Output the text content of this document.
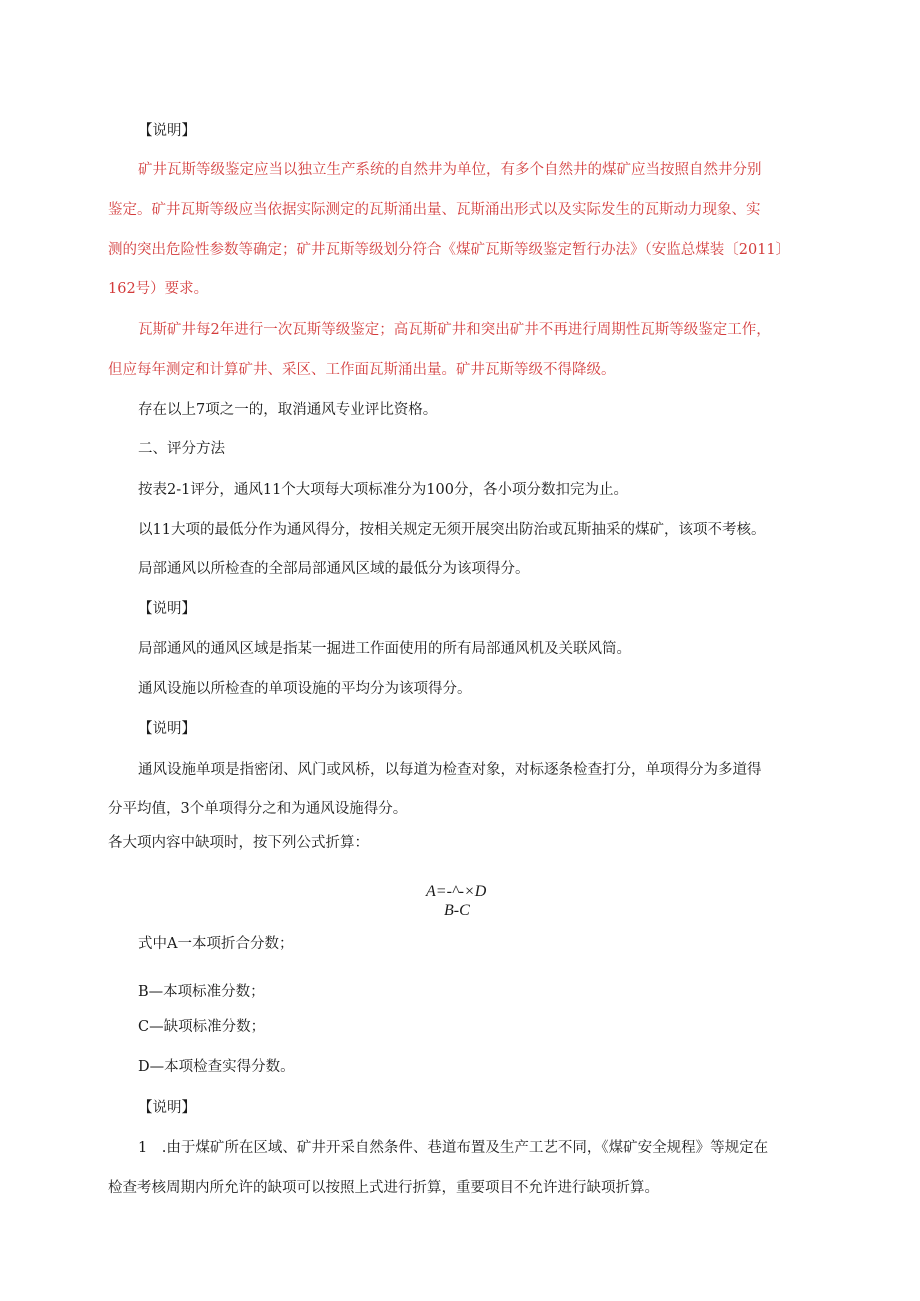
【说明】
矿井瓦斯等级鉴定应当以独立生产系统的自然井为单位，有多个自然井的煤矿应当按照自然井分别
鉴定。矿井瓦斯等级应当依据实际测定的瓦斯涌出量、瓦斯涌出形式以及实际发生的瓦斯动力现象、实
测的突出危险性参数等确定；矿井瓦斯等级划分符合《煤矿瓦斯等级鉴定暂行办法》（安监总煤装〔2011〕
162号）要求。
瓦斯矿井每2年进行一次瓦斯等级鉴定；高瓦斯矿井和突出矿井不再进行周期性瓦斯等级鉴定工作，
但应每年测定和计算矿井、采区、工作面瓦斯涌出量。矿井瓦斯等级不得降级。
存在以上7项之一的，取消通风专业评比资格。
二、评分方法
按表2-1评分，通风11个大项每大项标准分为100分，各小项分数扣完为止。
以11大项的最低分作为通风得分，按相关规定无须开展突出防治或瓦斯抽采的煤矿，该项不考核。
局部通风以所检查的全部局部通风区域的最低分为该项得分。
【说明】
局部通风的通风区域是指某一掘进工作面使用的所有局部通风机及关联风筒。
通风设施以所检查的单项设施的平均分为该项得分。
【说明】
通风设施单项是指密闭、风门或风桥，以每道为检查对象，对标逐条检查打分，单项得分为多道得
分平均值，3个单项得分之和为通风设施得分。
各大项内容中缺项时，按下列公式折算：
A=-^-×D
B-C
式中A一本项折合分数；
B—本项标准分数；
C—缺项标准分数；
D—本项检查实得分数。
【说明】
1　.由于煤矿所在区域、矿井开采自然条件、巷道布置及生产工艺不同，《煤矿安全规程》等规定在
检查考核周期内所允许的缺项可以按照上式进行折算，重要项目不允许进行缺项折算。
